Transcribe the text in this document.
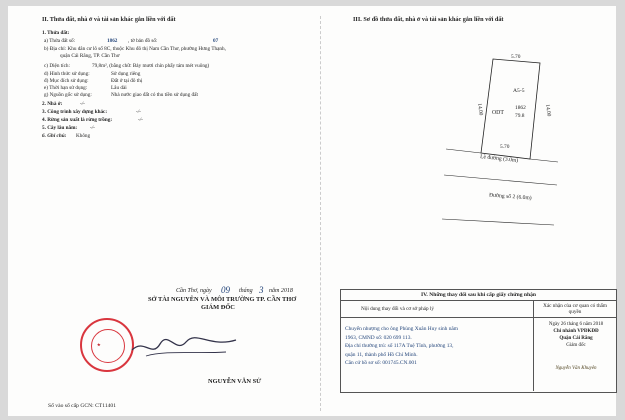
II. Thửa đất, nhà ở và tài sản khác gắn liền với đất
1. Thửa đất:
a) Thửa đất số:	1862 , tờ bản đồ số:	07
b) Địa chỉ: Khu dân cư lô số 8C, thuộc Khu đô thị Nam Cần Thơ, phường Hưng Thạnh,
quận Cái Răng, TP. Cần Thơ
c) Diện tích:	79,8m², (bằng chữ: Bảy mươi chín phẩy tám mét vuông)
d) Hình thức sử dụng:	Sử dụng riêng
đ) Mục đích sử dụng:	Đất ở tại đô thị
e) Thời hạn sử dụng:	Lâu dài
g) Nguồn gốc sử dụng:	Nhà nước giao đất có thu tiền sử dụng đất
2. Nhà ở:	-/-
3. Công trình xây dựng khác:	-/-
4. Rừng sản xuất là rừng trồng:	-/-
5. Cây lâu năm: -/-
6. Ghi chú: Không
Cần Thơ, ngày 09 tháng 3 năm 2018
SỞ TÀI NGUYÊN VÀ MÔI TRƯỜNG TP. CẦN THƠ
GIÁM ĐỐC
★
NGUYỄN VĂN SỬ
Số vào sổ cấp GCN: CT11401
III. Sơ đồ thửa đất, nhà ở và tài sản khác gắn liền với đất
5.70
5.70
14.00	14.00
A5-5
ODT
1862
79.8
Lề đường (3.0m)
Đường số 2 (6.0m)
IV. Những thay đổi sau khi cấp giấy chứng nhận
Nội dung thay đổi và cơ sở pháp lý	Xác nhận của cơ quan có thẩm quyền
Chuyển nhượng cho ông Phùng Xuân Huy sinh năm
1963, CMND số: 020 699 113.
Địa chỉ thường trú: số 117A Tuệ Tĩnh, phường 13,
quận 11, thành phố Hồ Chí Minh.
Căn cứ hồ sơ số: 001745.CN.001
Ngày 26 tháng 6 năm 2018
Chi nhánh VPĐKĐĐ
Quận Cái Răng
Giám đốc
Nguyễn Văn Khuyên
